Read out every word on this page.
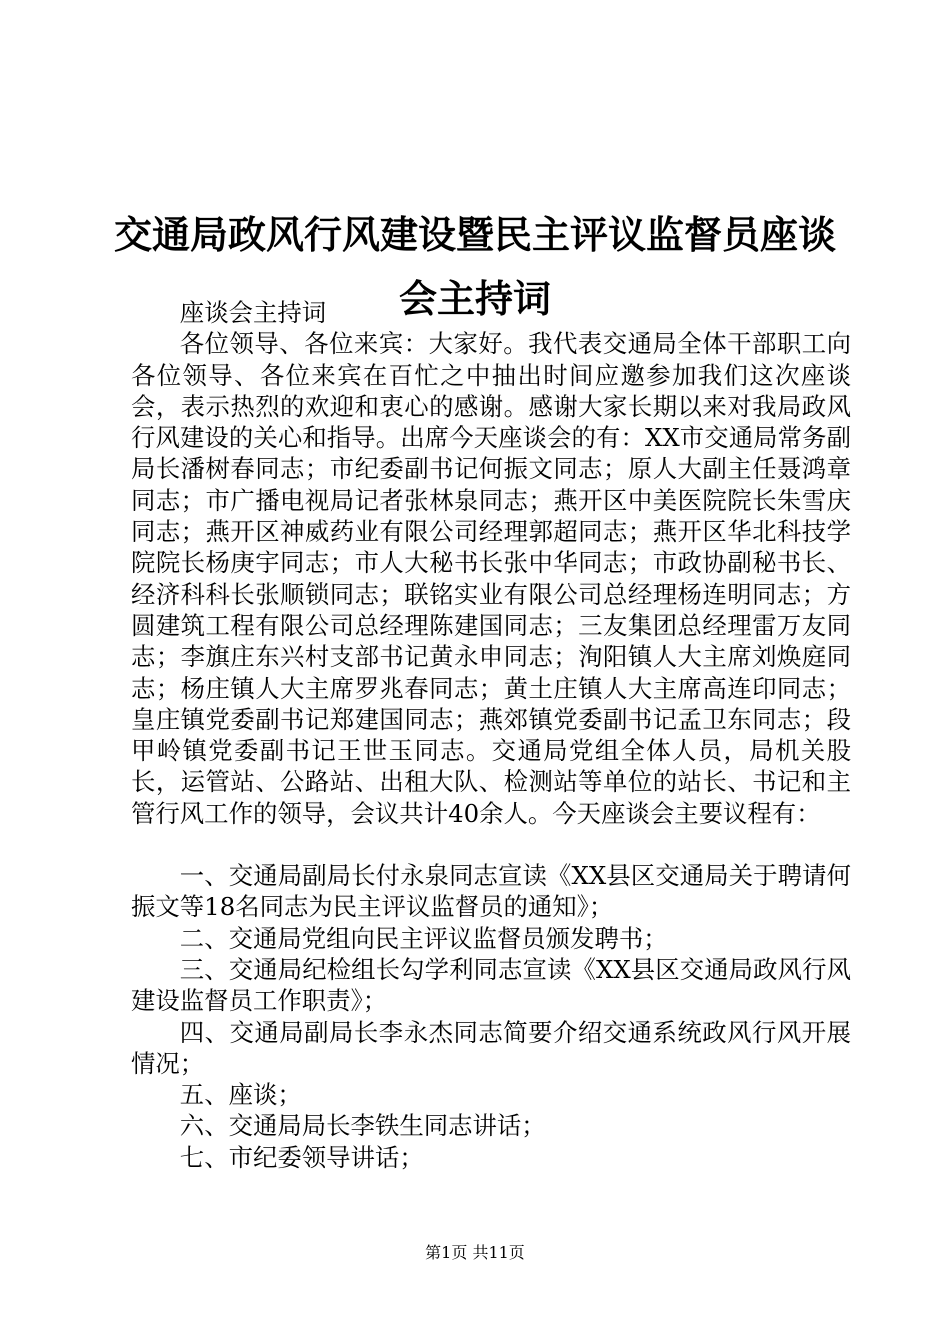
交通局政风行风建设暨民主评议监督员座谈会主持词

座谈会主持词

各位领导、各位来宾：大家好。我代表交通局全体干部职工向各位领导、各位来宾在百忙之中抽出时间应邀参加我们这次座谈会，表示热烈的欢迎和衷心的感谢。感谢大家长期以来对我局政风行风建设的关心和指导。出席今天座谈会的有：XX市交通局常务副局长潘树春同志；市纪委副书记何振文同志；原人大副主任聂鸿章同志；市广播电视局记者张林泉同志；燕开区中美医院院长朱雪庆同志；燕开区神威药业有限公司经理郭超同志；燕开区华北科技学院院长杨庚宇同志；市人大秘书长张中华同志；市政协副秘书长、经济科科长张顺锁同志；联铭实业有限公司总经理杨连明同志；方圆建筑工程有限公司总经理陈建国同志；三友集团总经理雷万友同志；李旗庄东兴村支部书记黄永申同志；洵阳镇人大主席刘焕庭同志；杨庄镇人大主席罗兆春同志；黄土庄镇人大主席高连印同志；皇庄镇党委副书记郑建国同志；燕郊镇党委副书记孟卫东同志；段甲岭镇党委副书记王世玉同志。交通局党组全体人员，局机关股长，运管站、公路站、出租大队、检测站等单位的站长、书记和主管行风工作的领导，会议共计40余人。今天座谈会主要议程有：

一、交通局副局长付永泉同志宣读《XX县区交通局关于聘请何振文等18名同志为民主评议监督员的通知》；

二、交通局党组向民主评议监督员颁发聘书；

三、交通局纪检组长勾学利同志宣读《XX县区交通局政风行风建设监督员工作职责》；

四、交通局副局长李永杰同志简要介绍交通系统政风行风开展情况；

五、座谈；

六、交通局局长李铁生同志讲话；

七、市纪委领导讲话；

第1页 共11页
